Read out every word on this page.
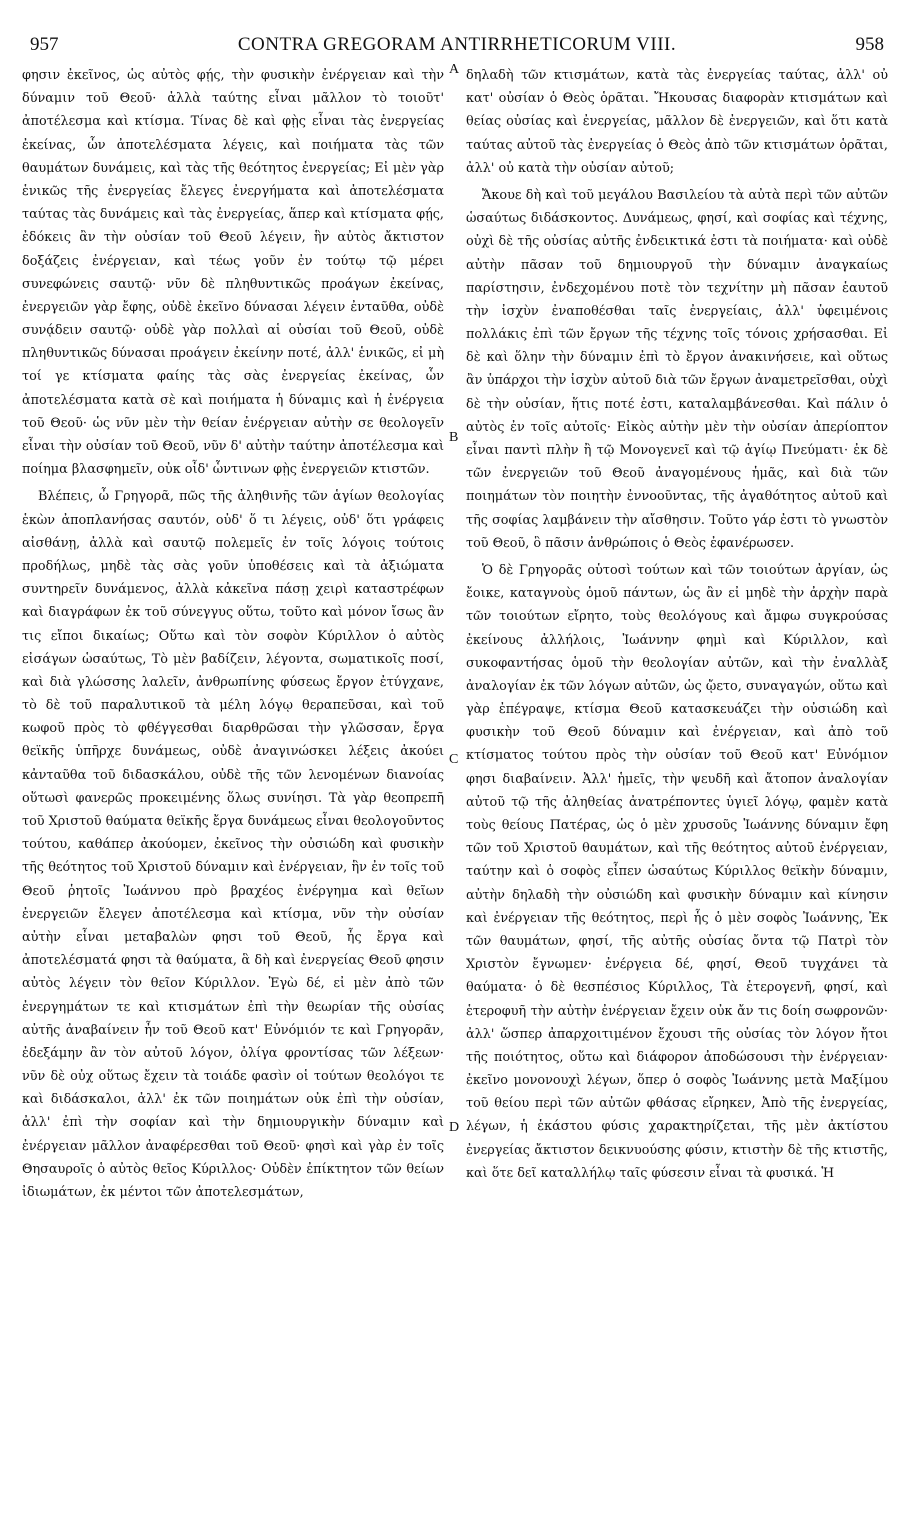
957	CONTRA GREGORAM ANTIRRHETICORUM VIII.	958

φησιν ἐκεῖνος, ὡς αὐτὸς φῄς, τὴν φυσικὴν ἐνέργειαν καὶ τὴν δύναμιν τοῦ Θεοῦ· ἀλλὰ ταύτης εἶναι μᾶλλον τὸ τοιοῦτ' ἀποτέλεσμα καὶ κτίσμα. Τίνας δὲ καὶ φῂς εἶναι τὰς ἐνεργείας ἐκείνας, ὧν ἀποτελέσματα λέγεις, καὶ ποιήματα τὰς τῶν θαυμάτων δυνάμεις, καὶ τὰς τῆς θεότητος ἐνεργείας; Εἰ μὲν γὰρ ἑνικῶς τῆς ἐνεργείας ἔλεγες ἐνεργήματα καὶ ἀποτελέσματα ταύτας τὰς δυνάμεις καὶ τὰς ἐνεργείας, ἅπερ καὶ κτίσματα φῄς, ἐδόκεις ἂν τὴν οὐσίαν τοῦ Θεοῦ λέγειν, ἣν αὐτὸς ἄκτιστον δοξάζεις ἐνέργειαν, καὶ τέως γοῦν ἐν τούτῳ τῷ μέρει συνεφώνεις σαυτῷ· νῦν δὲ πληθυντικῶς προάγων ἐκείνας, ἐνεργειῶν γὰρ ἔφης, οὐδὲ ἐκεῖνο δύνασαι λέγειν ἐνταῦθα, οὐδὲ συνᾴδειν σαυτῷ· οὐδὲ γὰρ πολλαὶ αἱ οὐσίαι τοῦ Θεοῦ, οὐδὲ πληθυντικῶς δύνασαι προάγειν ἐκείνην ποτέ, ἀλλ' ἑνικῶς, εἰ μὴ τοί γε κτίσματα φαίης τὰς σὰς ἐνεργείας ἐκείνας, ὧν ἀποτελέσματα κατὰ σὲ καὶ ποιήματα ἡ δύναμις καὶ ἡ ἐνέργεια τοῦ Θεοῦ· ὡς νῦν μὲν τὴν θείαν ἐνέργειαν αὐτὴν σε θεολογεῖν εἶναι τὴν οὐσίαν τοῦ Θεοῦ, νῦν δ' αὐτὴν ταύτην ἀποτέλεσμα καὶ ποίημα βλασφημεῖν, οὐκ οἶδ' ὧντινων φῂς ἐνεργειῶν κτιστῶν.

Βλέπεις, ὦ Γρηγορᾶ, πῶς τῆς ἀληθινῆς τῶν ἁγίων θεολογίας ἑκὼν ἀποπλανήσας σαυτόν, οὐδ' ὅ τι λέγεις, οὐδ' ὅτι γράφεις αἰσθάνῃ, ἀλλὰ καὶ σαυτῷ πολεμεῖς ἐν τοῖς λόγοις τούτοις προδήλως, μηδὲ τὰς σὰς γοῦν ὑποθέσεις καὶ τὰ ἀξιώματα συντηρεῖν δυνάμενος, ἀλλὰ κἀκεῖνα πάσῃ χειρὶ καταστρέφων καὶ διαγράφων ἐκ τοῦ σύνεγγυς οὕτω, τοῦτο καὶ μόνον ἴσως ἂν τις εἴποι δικαίως; Οὕτω καὶ τὸν σοφὸν Κύριλλον ὁ αὐτὸς εἰσάγων ὡσαύτως, Τὸ μὲν βαδίζειν, λέγοντα, σωματικοῖς ποσί, καὶ διὰ γλώσσης λαλεῖν, ἀνθρωπίνης φύσεως ἔργον ἐτύγχανε, τὸ δὲ τοῦ παραλυτικοῦ τὰ μέλη λόγῳ θεραπεῦσαι, καὶ τοῦ κωφοῦ πρὸς τὸ φθέγγεσθαι διαρθρῶσαι τὴν γλῶσσαν, ἔργα θεϊκῆς ὑπῆρχε δυνάμεως, οὐδὲ ἀναγινώσκει λέξεις ἀκούει κἀνταῦθα τοῦ διδασκάλου, οὐδὲ τῆς τῶν λενομένων διανοίας οὕτωσὶ φανερῶς προκειμένης ὅλως συνίησι. Τὰ γὰρ θεοπρεπῆ τοῦ Χριστοῦ θαύματα θεϊκῆς ἔργα δυνάμεως εἶναι θεολογοῦντος τούτου, καθάπερ ἀκούομεν, ἐκεῖνος τὴν οὐσιώδη καὶ φυσικὴν τῆς θεότητος τοῦ Χριστοῦ δύναμιν καὶ ἐνέργειαν, ἣν ἐν τοῖς τοῦ Θεοῦ ῥητοῖς Ἰωάννου πρὸ βραχέος ἐνέργημα καὶ θεῖων ἐνεργειῶν ἔλεγεν ἀποτέλεσμα καὶ κτίσμα, νῦν τὴν οὐσίαν αὐτὴν εἶναι μεταβαλὼν φησι τοῦ Θεοῦ, ἧς ἔργα καὶ ἀποτελέσματά φησι τὰ θαύματα, ἃ δὴ καὶ ἐνεργείας Θεοῦ φησιν αὐτὸς λέγειν τὸν θεῖον Κύριλλον. Ἐγὼ δέ, εἰ μὲν ἀπὸ τῶν ἐνεργημάτων τε καὶ κτισμάτων ἐπὶ τὴν θεωρίαν τῆς οὐσίας αὐτῆς ἀναβαίνειν ἦν τοῦ Θεοῦ κατ' Εὐνόμιόν τε καὶ Γρηγορᾶν, ἐδεξάμην ἂν τὸν αὐτοῦ λόγον, ὀλίγα φροντίσας τῶν λέξεων· νῦν δὲ οὐχ οὕτως ἔχειν τὰ τοιάδε φασὶν οἱ τούτων θεολόγοι τε καὶ διδάσκαλοι, ἀλλ' ἐκ τῶν ποιημάτων οὐκ ἐπὶ τὴν οὐσίαν, ἀλλ' ἐπὶ τὴν σοφίαν καὶ τὴν δημιουργικὴν δύναμιν καὶ ἐνέργειαν μᾶλλον ἀναφέρεσθαι τοῦ Θεοῦ· φησὶ καὶ γὰρ ἐν τοῖς Θησαυροῖς ὁ αὐτὸς θεῖος Κύριλλος· Οὐδὲν ἐπίκτητον τῶν θείων ἰδιωμάτων, ἐκ μέντοι τῶν ἀποτελεσμάτων,

A
B
C
D

δηλαδὴ τῶν κτισμάτων, κατὰ τὰς ἐνεργείας ταύτας, ἀλλ' οὐ κατ' οὐσίαν ὁ Θεὸς ὁρᾶται. Ἤκουσας διαφορὰν κτισμάτων καὶ θείας οὐσίας καὶ ἐνεργείας, μᾶλλον δὲ ἐνεργειῶν, καὶ ὅτι κατὰ ταύτας αὐτοῦ τὰς ἐνεργείας ὁ Θεὸς ἀπὸ τῶν κτισμάτων ὁρᾶται, ἀλλ' οὐ κατὰ τὴν οὐσίαν αὐτοῦ;

Ἄκουε δὴ καὶ τοῦ μεγάλου Βασιλείου τὰ αὐτὰ περὶ τῶν αὐτῶν ὡσαύτως διδάσκοντος. Δυνάμεως, φησί, καὶ σοφίας καὶ τέχνης, οὐχὶ δὲ τῆς οὐσίας αὐτῆς ἐνδεικτικά ἐστι τὰ ποιήματα· καὶ οὐδὲ αὐτὴν πᾶσαν τοῦ δημιουργοῦ τὴν δύναμιν ἀναγκαίως παρίστησιν, ἐνδεχομένου ποτὲ τὸν τεχνίτην μὴ πᾶσαν ἑαυτοῦ τὴν ἰσχὺν ἐναποθέσθαι ταῖς ἐνεργείαις, ἀλλ' ὑφειμένοις πολλάκις ἐπὶ τῶν ἔργων τῆς τέχνης τοῖς τόνοις χρήσασθαι. Εἰ δὲ καὶ ὅλην τὴν δύναμιν ἐπὶ τὸ ἔργον ἀνακινήσειε, καὶ οὕτως ἂν ὑπάρχοι τὴν ἰσχὺν αὐτοῦ διὰ τῶν ἔργων ἀναμετρεῖσθαι, οὐχὶ δὲ τὴν οὐσίαν, ἥτις ποτέ ἐστι, καταλαμβάνεσθαι. Καὶ πάλιν ὁ αὐτὸς ἐν τοῖς αὐτοῖς· Εἰκὸς αὐτὴν μὲν τὴν οὐσίαν ἀπερίοπτον εἶναι παντὶ πλὴν ἢ τῷ Μονογενεῖ καὶ τῷ ἁγίῳ Πνεύματι· ἐκ δὲ τῶν ἐνεργειῶν τοῦ Θεοῦ ἀναγομένους ἡμᾶς, καὶ διὰ τῶν ποιημάτων τὸν ποιητὴν ἐννοοῦντας, τῆς ἀγαθότητος αὐτοῦ καὶ τῆς σοφίας λαμβάνειν τὴν αἴσθησιν. Τοῦτο γάρ ἐστι τὸ γνωστὸν τοῦ Θεοῦ, ὃ πᾶσιν ἀνθρώποις ὁ Θεὸς ἐφανέρωσεν.

Ὁ δὲ Γρηγορᾶς οὑτοσὶ τούτων καὶ τῶν τοιούτων ἀργίαν, ὡς ἔοικε, καταγνοὺς ὁμοῦ πάντων, ὡς ἂν εἰ μηδὲ τὴν ἀρχὴν παρὰ τῶν τοιούτων εἴρητο, τοὺς θεολόγους καὶ ἄμφω συγκρούσας ἐκείνους ἀλλήλοις, Ἰωάννην φημὶ καὶ Κύριλλον, καὶ συκοφαντήσας ὁμοῦ τὴν θεολογίαν αὐτῶν, καὶ τὴν ἐναλλὰξ ἀναλογίαν ἐκ τῶν λόγων αὐτῶν, ὡς ᾤετο, συναγαγών, οὕτω καὶ γὰρ ἐπέγραψε, κτίσμα Θεοῦ κατασκευάζει τὴν οὐσιώδη καὶ φυσικὴν τοῦ Θεοῦ δύναμιν καὶ ἐνέργειαν, καὶ ἀπὸ τοῦ κτίσματος τούτου πρὸς τὴν οὐσίαν τοῦ Θεοῦ κατ' Εὐνόμιον φησι διαβαίνειν. Ἀλλ' ἡμεῖς, τὴν ψευδῆ καὶ ἄτοπον ἀναλογίαν αὐτοῦ τῷ τῆς ἀληθείας ἀνατρέποντες ὑγιεῖ λόγῳ, φαμὲν κατὰ τοὺς θείους Πατέρας, ὡς ὁ μὲν χρυσοῦς Ἰωάννης δύναμιν ἔφη τῶν τοῦ Χριστοῦ θαυμάτων, καὶ τῆς θεότητος αὐτοῦ ἐνέργειαν, ταύτην καὶ ὁ σοφὸς εἶπεν ὡσαύτως Κύριλλος θεϊκὴν δύναμιν, αὐτὴν δηλαδὴ τὴν οὐσιώδη καὶ φυσικὴν δύναμιν καὶ κίνησιν καὶ ἐνέργειαν τῆς θεότητος, περὶ ἧς ὁ μὲν σοφὸς Ἰωάννης, Ἐκ τῶν θαυμάτων, φησί, τῆς αὐτῆς οὐσίας ὄντα τῷ Πατρὶ τὸν Χριστὸν ἔγνωμεν· ἐνέργεια δέ, φησί, Θεοῦ τυγχάνει τὰ θαύματα· ὁ δὲ θεσπέσιος Κύριλλος, Τὰ ἑτερογενῆ, φησί, καὶ ἑτεροφυῆ τὴν αὐτὴν ἐνέργειαν ἔχειν οὐκ ἄν τις δοίη σωφρονῶν· ἀλλ' ὥσπερ ἀπαρχοιτιμένον ἔχουσι τῆς οὐσίας τὸν λόγον ἤτοι τῆς ποιότητος, οὕτω καὶ διάφορον ἀποδώσουσι τὴν ἐνέργειαν· ἐκεῖνο μονονουχὶ λέγων, ὅπερ ὁ σοφὸς Ἰωάννης μετὰ Μαξίμου τοῦ θείου περὶ τῶν αὐτῶν φθάσας εἴρηκεν, Ἀπὸ τῆς ἐνεργείας, λέγων, ἡ ἑκάστου φύσις χαρακτηρίζεται, τῆς μὲν ἀκτίστου ἐνεργείας ἄκτιστον δεικνυούσης φύσιν, κτιστὴν δὲ τῆς κτιστῆς, καὶ ὅτε δεῖ καταλλήλῳ ταῖς φύσεσιν εἶναι τὰ φυσικά. Ἡ
